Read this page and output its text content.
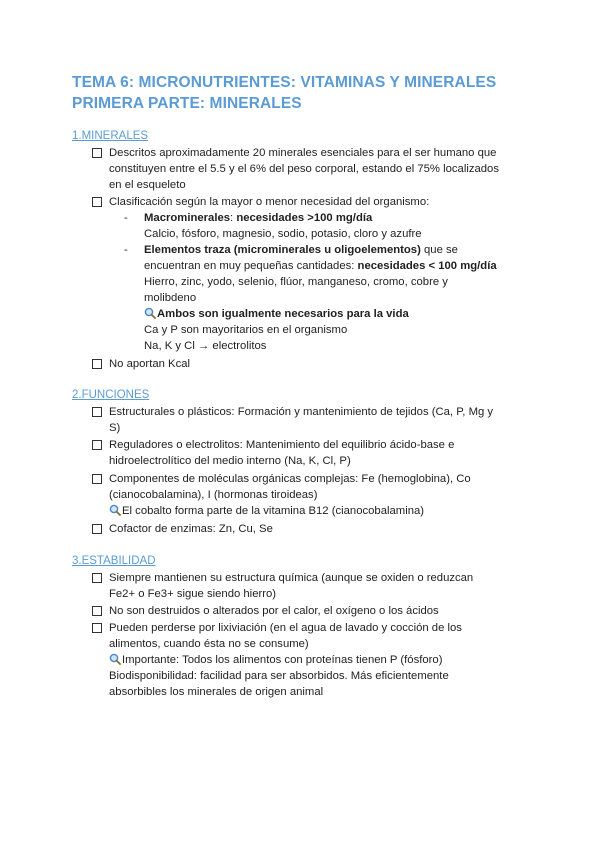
TEMA 6: MICRONUTRIENTES: VITAMINAS Y MINERALES
PRIMERA PARTE: MINERALES
1.MINERALES
Descritos aproximadamente 20 minerales esenciales para el ser humano que
constituyen entre el 5.5 y el 6% del peso corporal, estando el 75% localizados
en el esqueleto
Clasificación según la mayor o menor necesidad del organismo:
- Macrominerales: necesidades >100 mg/día
Calcio, fósforo, magnesio, sodio, potasio, cloro y azufre
- Elementos traza (microminerales u oligoelementos) que se
encuentran en muy pequeñas cantidades: necesidades < 100 mg/día
Hierro, zinc, yodo, selenio, flúor, manganeso, cromo, cobre y
molibdeno
Ambos son igualmente necesarios para la vida
Ca y P son mayoritarios en el organismo
Na, K y Cl → electrolitos
No aportan Kcal
2.FUNCIONES
Estructurales o plásticos: Formación y mantenimiento de tejidos (Ca, P, Mg y
S)
Reguladores o electrolitos: Mantenimiento del equilibrio ácido-base e
hidroelectrolítico del medio interno (Na, K, Cl, P)
Componentes de moléculas orgánicas complejas: Fe (hemoglobina), Co
(cianocobalamina), I (hormonas tiroideas)
El cobalto forma parte de la vitamina B12 (cianocobalamina)
Cofactor de enzimas: Zn, Cu, Se
3.ESTABILIDAD
Siempre mantienen su estructura química (aunque se oxiden o reduzcan
Fe2+ o Fe3+ sigue siendo hierro)
No son destruidos o alterados por el calor, el oxígeno o los ácidos
Pueden perderse por lixiviación (en el agua de lavado y cocción de los
alimentos, cuando ésta no se consume)
Importante: Todos los alimentos con proteínas tienen P (fósforo)
Biodisponibilidad: facilidad para ser absorbidos. Más eficientemente
absorbibles los minerales de origen animal
